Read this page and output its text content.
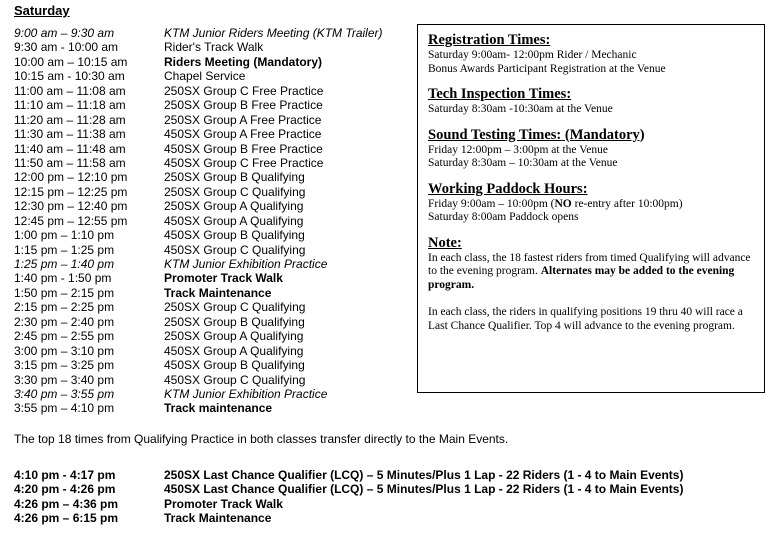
Saturday
9:00 am – 9:30 am	KTM Junior Riders Meeting (KTM Trailer)
9:30 am - 10:00 am	Rider's Track Walk
10:00 am – 10:15 am	Riders Meeting (Mandatory)
10:15 am - 10:30 am	Chapel Service
11:00 am – 11:08 am	250SX Group C Free Practice
11:10 am – 11:18 am	250SX Group B Free Practice
11:20 am – 11:28 am	250SX Group A Free Practice
11:30 am – 11:38 am	450SX Group A Free Practice
11:40 am – 11:48 am	450SX Group B Free Practice
11:50 am – 11:58 am	450SX Group C Free Practice
12:00 pm – 12:10 pm	250SX Group B Qualifying
12:15 pm – 12:25 pm	250SX Group C Qualifying
12:30 pm – 12:40 pm	250SX Group A Qualifying
12:45 pm – 12:55 pm	450SX Group A Qualifying
1:00 pm – 1:10 pm	450SX Group B Qualifying
1:15 pm – 1:25 pm	450SX Group C Qualifying
1:25 pm – 1:40 pm	KTM Junior Exhibition Practice
1:40 pm - 1:50 pm	Promoter Track Walk
1:50 pm – 2:15 pm	Track Maintenance
2:15 pm – 2:25 pm	250SX Group C Qualifying
2:30 pm – 2:40 pm	250SX Group B Qualifying
2:45 pm – 2:55 pm	250SX Group A Qualifying
3:00 pm – 3:10 pm	450SX Group A Qualifying
3:15 pm – 3:25 pm	450SX Group B Qualifying
3:30 pm – 3:40 pm	450SX Group C Qualifying
3:40 pm – 3:55 pm	KTM Junior Exhibition Practice
3:55 pm – 4:10 pm	Track maintenance
Registration Times:
Saturday 9:00am- 12:00pm Rider / Mechanic
Bonus Awards Participant Registration at the Venue
Tech Inspection Times:
Saturday 8:30am -10:30am at the Venue
Sound Testing Times: (Mandatory)
Friday 12:00pm – 3:00pm at the Venue
Saturday 8:30am – 10:30am at the Venue
Working Paddock Hours:
Friday 9:00am – 10:00pm (NO re-entry after 10:00pm)
Saturday 8:00am Paddock opens
Note:
In each class, the 18 fastest riders from timed Qualifying will advance to the evening program. Alternates may be added to the evening program.
In each class, the riders in qualifying positions 19 thru 40 will race a Last Chance Qualifier. Top 4 will advance to the evening program.
The top 18 times from Qualifying Practice in both classes transfer directly to the Main Events.
4:10 pm - 4:17 pm	250SX Last Chance Qualifier (LCQ) – 5 Minutes/Plus 1 Lap - 22 Riders (1 - 4 to Main Events)
4:20 pm - 4:26 pm	450SX Last Chance Qualifier (LCQ) – 5 Minutes/Plus 1 Lap - 22 Riders (1 - 4 to Main Events)
4:26 pm – 4:36 pm	Promoter Track Walk
4:26 pm – 6:15 pm	Track Maintenance
